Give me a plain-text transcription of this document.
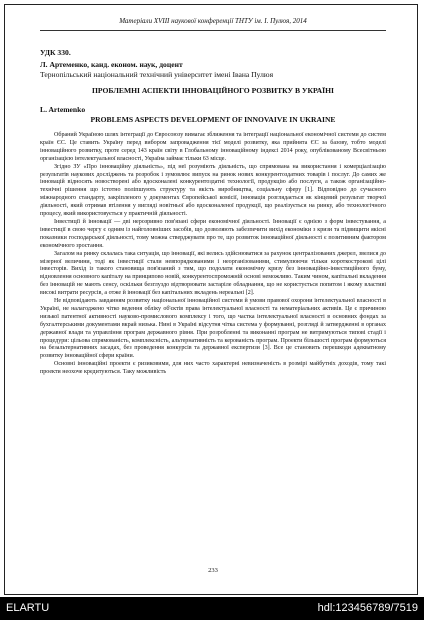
Матеріали XVIII наукової конференції ТНТУ ім. І. Пулюя, 2014
УДК 330.
Л. Артеменко, канд. економ. наук, доцент
Тернопільський національний технічний університет імені Івана Пулюя
ПРОБЛЕМНІ АСПЕКТИ ІННОВАЦІЙНОГО РОЗВИТКУ В УКРАЇНІ
L. Artemenko
PROBLEMS ASPECTS DEVELOPMENT OF INNOVAIVE IN UKRAINE

Обраний Україною шлях інтеграції до Євросоюзу вимагає зближення та інтеграції національної економічної системи до систем країн ЄС. Це ставить Україну перед вибором запровадження тієї моделі розвитку, яка прийнята ЄС за базову, тобто моделі інноваційного розвитку, проте серед 143 країн світу в Глобальному інноваційному індексі 2014 року, опублікованому Всесвітньою організацією інтелектуальної власності, Україна займає тільки 63 місце.

Згідно ЗУ «Про інноваційну діяльність», під неї розуміють діяльність, що спрямована на використання і комерціалізацію результатів наукових досліджень та розробок і зумовлює випуск на ринок нових конкурентоздатних товарів і послуг. До самих же інновацій відносять новостворені або вдосконалені конкурентоздатні технології, продукцію або послуги, а також організаційно-технічні рішення що істотно поліпшують структуру та якість виробництва, соціальну сферу [1]. Відповідно до сучасного міжнародного стандарту, закріпленого у документах Європейської комісії, інновація розглядається як кінцевий результат творчої діяльності, який отримав втілення у вигляді новітньої або вдосконаленої продукції, що реалізується на ринку, або технологічного процесу, який використовується у практичній діяльності.

Інвестиції й інновації — дві нерозривно пов'язані сфери економічної діяльності. Інновації є однією з форм інвестування, а інвестиції в свою чергу є одним із найголовніших засобів, що дозволяють забезпечити вихід економіки з кризи та підвищити якісні показники господарської діяльності, тому можна стверджувати про те, що розвиток інноваційної діяльності є позитивним фактором економічного зростання.

Загалом на ринку склалась така ситуація, що інновації, які велись здійснюватися за рахунок централізованих джерел, звелися до мізерної величини, тоді як інвестиції стали невпорядкованими і неорганізованими, стимулюючи тільки короткострокові цілі інвесторів. Вихід із такого становища пов'язаний з тим, що подолати економічну кризу без інноваційно-інвестиційного буму, відновлення основного капіталу на принципово новій, конкурентоспроможній основі неможливо. Таким чином, капітальні вкладення без інновацій не мають сенсу, оскільки безглуздо відтворювати застаріле обладнання, що не користується попитом і якому властиві високі витрати ресурсів, а отже й інновації без капітальних вкладень нереальні [2].

Не відповідають завданням розвитку національної інноваційної системи й умови правової охорони інтелектуальної власності в Україні, не налагоджено чітко ведення обліку об'єктів права інтелектуальної власності та нематеріальних активів. Це є причиною низької патентної активності науково-промислового комплексу і того, що частка інтелектуальної власності в основних фондах за бухгалтерськими документами вкрай низька. Нині в Україні відсутня чітка система у формуванні, розгляді й затвердженні в органах державної влади та управління програм державного рівня. При розробленні та виконанні програм не витримуються типові стадії і процедури: цільова спрямованість, комплексність, альтернативність та керованість програм. Проекти більшості програм формуються на безальтернативних засадах, без проведення конкурсів та державної експертизи [3]. Все це становить перешкоди адекватному розвитку інноваційної сфери країни.

Основні інноваційні проекти є ризиковими, для них часто характерні невизначеність в розмірі майбутніх доходів, тому такі проекти неохоче кредитуються. Таку можливість

233
ELARTU	hdl:123456789/7519
